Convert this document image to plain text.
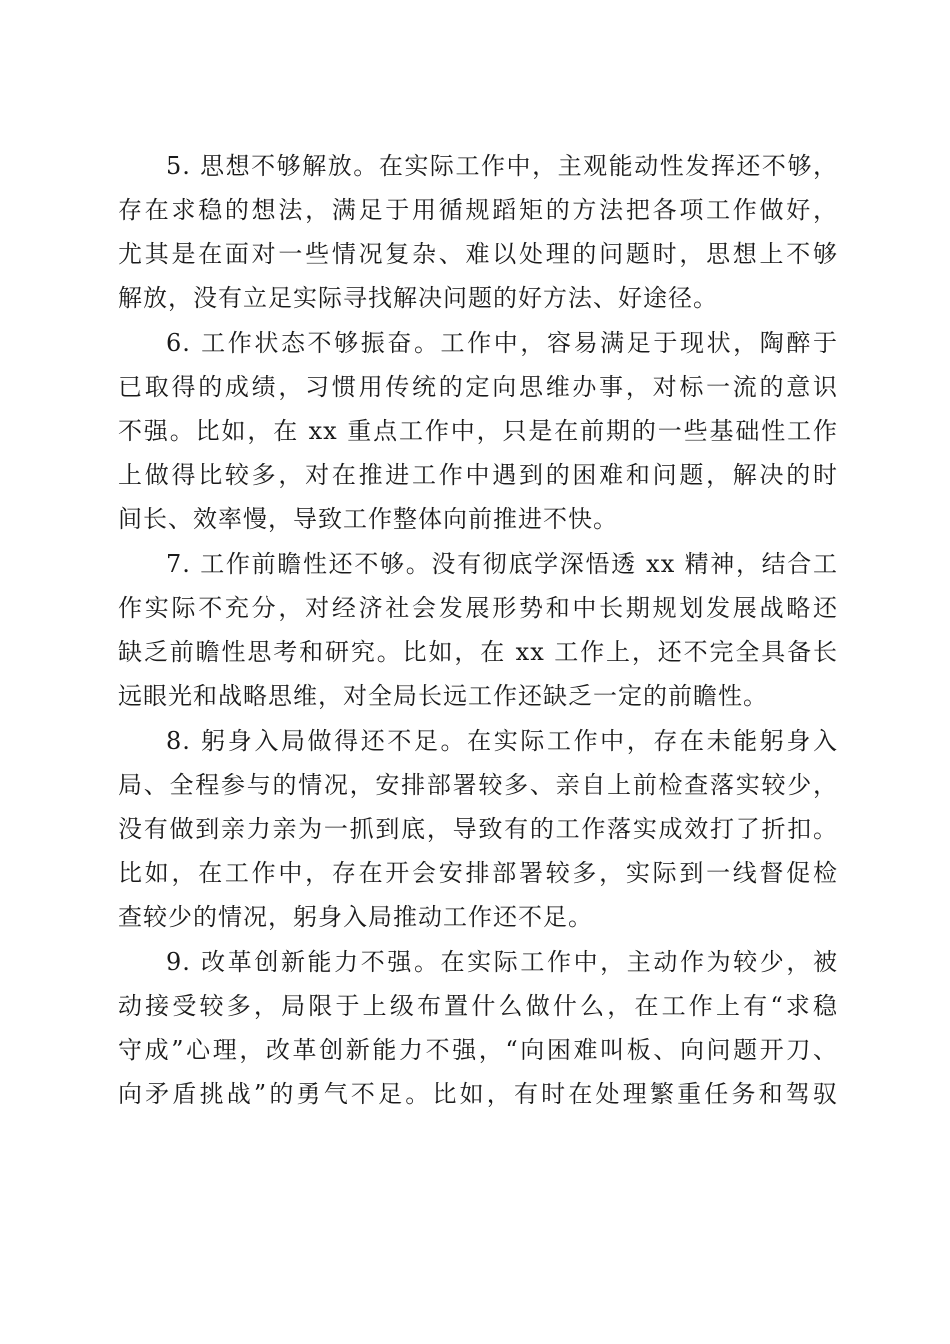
5. 思想不够解放。在实际工作中，主观能动性发挥还不够，
存在求稳的想法，满足于用循规蹈矩的方法把各项工作做好，
尤其是在面对一些情况复杂、难以处理的问题时，思想上不够
解放，没有立足实际寻找解决问题的好方法、好途径。
6. 工作状态不够振奋。工作中，容易满足于现状，陶醉于
已取得的成绩，习惯用传统的定向思维办事，对标一流的意识
不强。比如，在 xx 重点工作中，只是在前期的一些基础性工作
上做得比较多，对在推进工作中遇到的困难和问题，解决的时
间长、效率慢，导致工作整体向前推进不快。
7. 工作前瞻性还不够。没有彻底学深悟透 xx 精神，结合工
作实际不充分，对经济社会发展形势和中长期规划发展战略还
缺乏前瞻性思考和研究。比如，在 xx 工作上，还不完全具备长
远眼光和战略思维，对全局长远工作还缺乏一定的前瞻性。
8. 躬身入局做得还不足。在实际工作中，存在未能躬身入
局、全程参与的情况，安排部署较多、亲自上前检查落实较少，
没有做到亲力亲为一抓到底，导致有的工作落实成效打了折扣。
比如，在工作中，存在开会安排部署较多，实际到一线督促检
查较少的情况，躬身入局推动工作还不足。
9. 改革创新能力不强。在实际工作中，主动作为较少，被
动接受较多，局限于上级布置什么做什么，在工作上有“求稳
守成”心理，改革创新能力不强，“向困难叫板、向问题开刀、
向矛盾挑战”的勇气不足。比如，有时在处理繁重任务和驾驭
